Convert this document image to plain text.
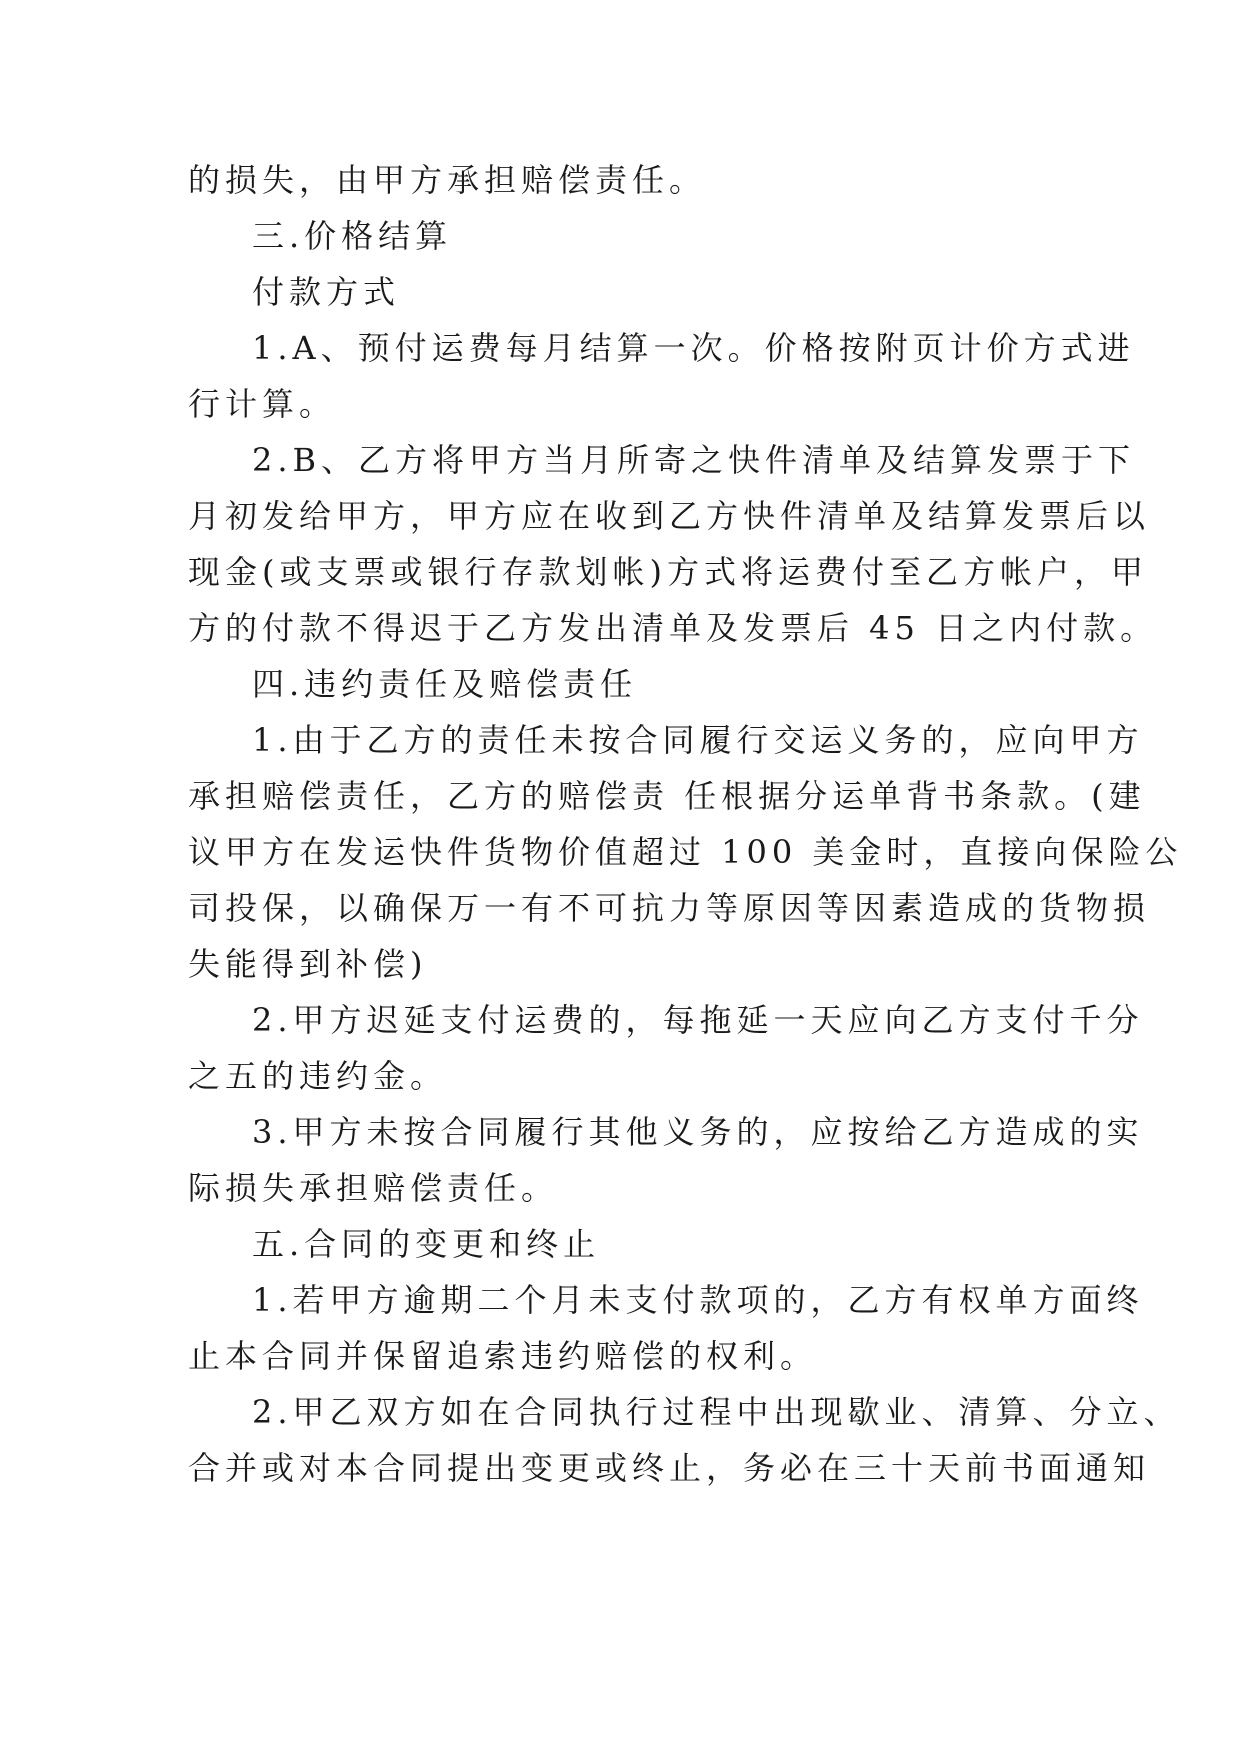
的损失，由甲方承担赔偿责任。
三.价格结算
付款方式
1.A、预付运费每月结算一次。价格按附页计价方式进
行计算。
2.B、乙方将甲方当月所寄之快件清单及结算发票于下
月初发给甲方，甲方应在收到乙方快件清单及结算发票后以
现金(或支票或银行存款划帐)方式将运费付至乙方帐户，甲
方的付款不得迟于乙方发出清单及发票后 45 日之内付款。
四.违约责任及赔偿责任
1.由于乙方的责任未按合同履行交运义务的，应向甲方
承担赔偿责任，乙方的赔偿责 任根据分运单背书条款。(建
议甲方在发运快件货物价值超过 100 美金时，直接向保险公
司投保，以确保万一有不可抗力等原因等因素造成的货物损
失能得到补偿)
2.甲方迟延支付运费的，每拖延一天应向乙方支付千分
之五的违约金。
3.甲方未按合同履行其他义务的，应按给乙方造成的实
际损失承担赔偿责任。
五.合同的变更和终止
1.若甲方逾期二个月未支付款项的，乙方有权单方面终
止本合同并保留追索违约赔偿的权利。
2.甲乙双方如在合同执行过程中出现歇业、清算、分立、
合并或对本合同提出变更或终止，务必在三十天前书面通知
